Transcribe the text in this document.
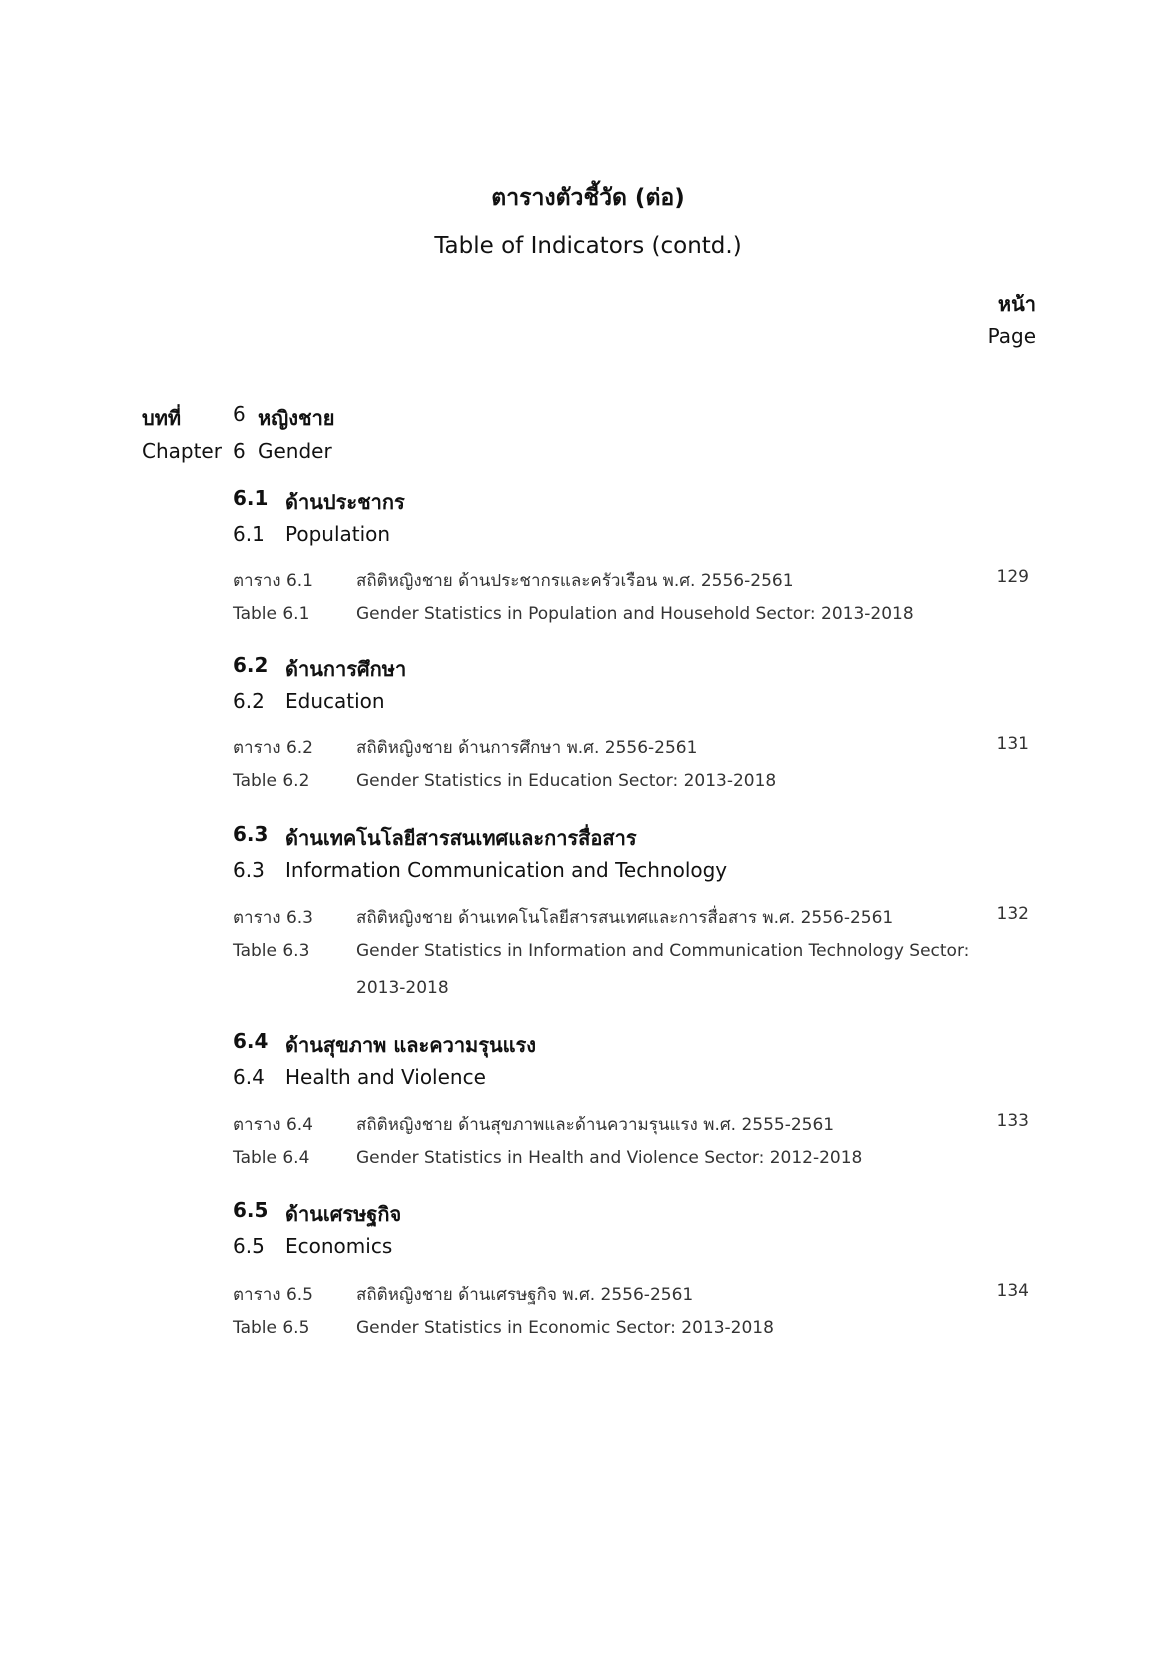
ตารางตัวชี้วัด (ต่อ)
Table of Indicators (contd.)
หน้า
Page
บทที่	6 หญิงชาย
Chapter 6 Gender
6.1 ด้านประชากร
6.1 Population
ตาราง 6.1	สถิติหญิงชาย ด้านประชากรและครัวเรือน พ.ศ. 2556-2561	129
Table 6.1	Gender Statistics in Population and Household Sector: 2013-2018
6.2 ด้านการศึกษา
6.2 Education
ตาราง 6.2	สถิติหญิงชาย ด้านการศึกษา พ.ศ. 2556-2561	131
Table 6.2	Gender Statistics in Education Sector: 2013-2018
6.3 ด้านเทคโนโลยีสารสนเทศและการสื่อสาร
6.3 Information Communication and Technology
ตาราง 6.3	สถิติหญิงชาย ด้านเทคโนโลยีสารสนเทศและการสื่อสาร พ.ศ. 2556-2561	132
Table 6.3	Gender Statistics in Information and Communication Technology Sector:
2013-2018
6.4 ด้านสุขภาพ และความรุนแรง
6.4 Health and Violence
ตาราง 6.4	สถิติหญิงชาย ด้านสุขภาพและด้านความรุนแรง พ.ศ. 2555-2561	133
Table 6.4	Gender Statistics in Health and Violence Sector: 2012-2018
6.5 ด้านเศรษฐกิจ
6.5 Economics
ตาราง 6.5	สถิติหญิงชาย ด้านเศรษฐกิจ พ.ศ. 2556-2561	134
Table 6.5	Gender Statistics in Economic Sector: 2013-2018
